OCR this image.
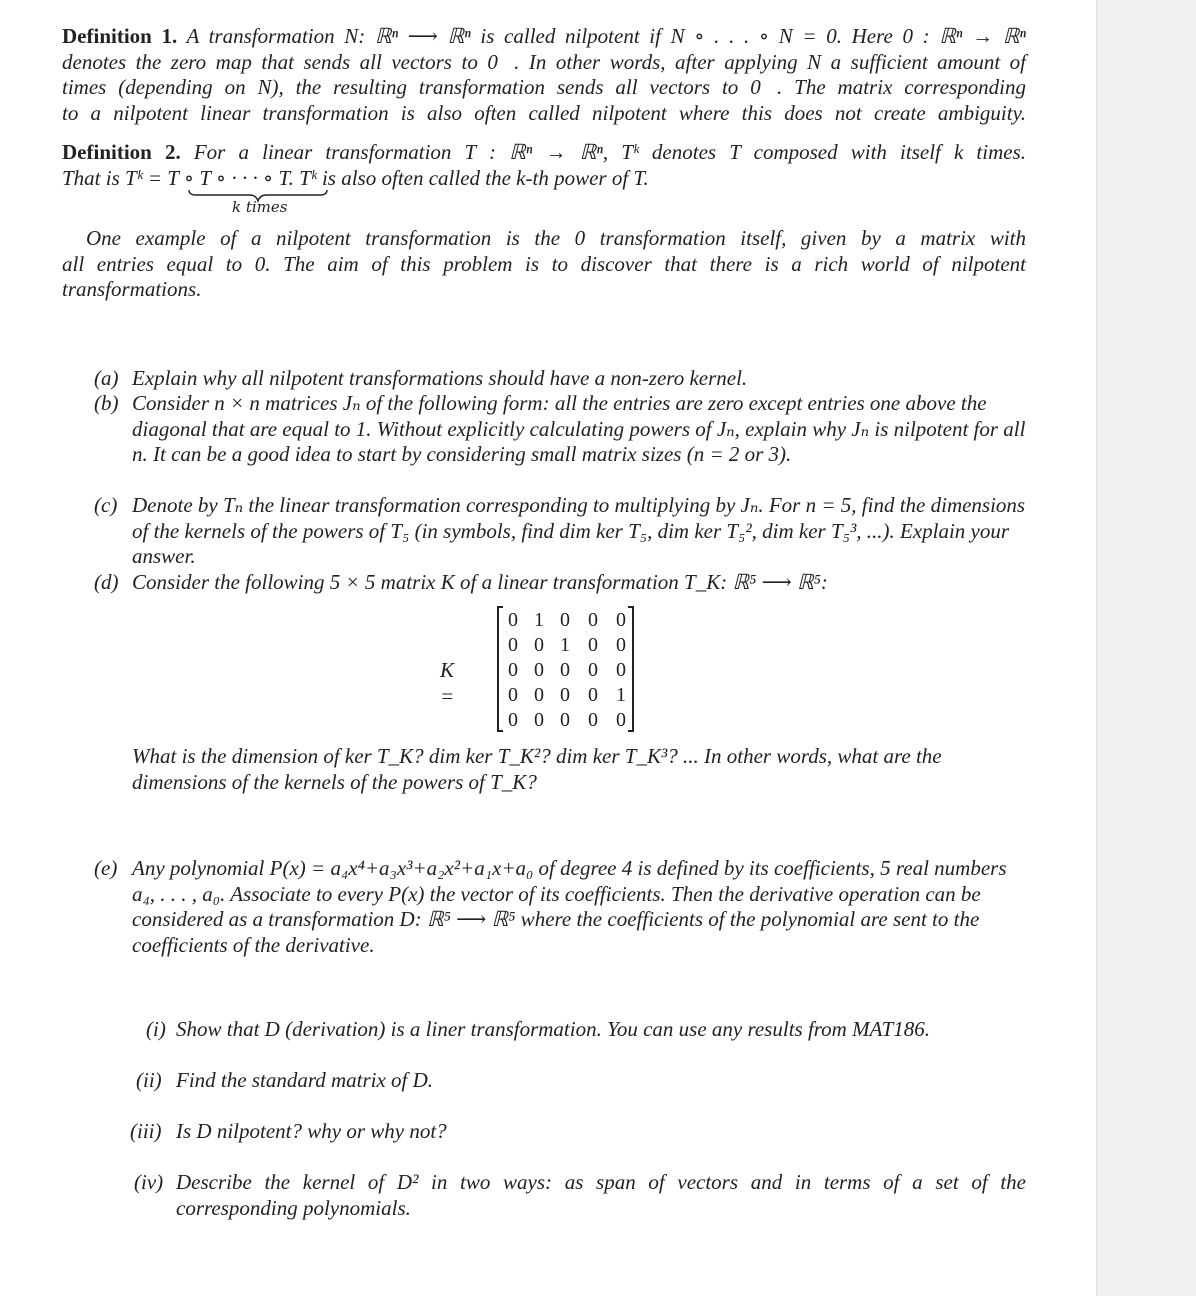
Definition 1. A transformation N: ℝⁿ ⟶ ℝⁿ is called nilpotent if N ∘ . . . ∘ N = 0. Here 0 : ℝⁿ → ℝⁿ
denotes the zero map that sends all vectors to 0⃗. In other words, after applying N a sufficient amount of
times (depending on N), the resulting transformation sends all vectors to 0⃗. The matrix corresponding
to a nilpotent linear transformation is also often called nilpotent where this does not create ambiguity.
Definition 2. For a linear transformation T : ℝⁿ → ℝⁿ, Tᵏ denotes T composed with itself k times.
That is Tᵏ = T ∘ T ∘ · · · ∘ T. Tᵏ is also often called the k-th power of T.
k times
One example of a nilpotent transformation is the 0 transformation itself, given by a matrix with
all entries equal to 0. The aim of this problem is to discover that there is a rich world of nilpotent
transformations.
(a) Explain why all nilpotent transformations should have a non-zero kernel.
(b) Consider n × n matrices Jₙ of the following form: all the entries are zero except entries one above the diagonal that are equal to 1. Without explicitly calculating powers of Jₙ, explain why Jₙ is nilpotent for all n. It can be a good idea to start by considering small matrix sizes (n = 2 or 3).
(c) Denote by Tₙ the linear transformation corresponding to multiplying by Jₙ. For n = 5, find the dimensions of the kernels of the powers of T₅ (in symbols, find dim ker T₅, dim ker T₅², dim ker T₅³, ...). Explain your answer.
(d) Consider the following 5 × 5 matrix K of a linear transformation T_K: ℝ⁵ ⟶ ℝ⁵:
K =
0 1 0 0 0
0 0 1 0 0
0 0 0 0 0
0 0 0 0 1
0 0 0 0 0
What is the dimension of ker T_K? dim ker T_K²? dim ker T_K³? ... In other words, what are the dimensions of the kernels of the powers of T_K?
(e) Any polynomial P(x) = a₄x⁴+a₃x³+a₂x²+a₁x+a₀ of degree 4 is defined by its coefficients, 5 real numbers a₄, . . . , a₀. Associate to every P(x) the vector of its coefficients. Then the derivative operation can be considered as a transformation D: ℝ⁵ ⟶ ℝ⁵ where the coefficients of the polynomial are sent to the coefficients of the derivative.
(i) Show that D (derivation) is a liner transformation. You can use any results from MAT186.
(ii) Find the standard matrix of D.
(iii) Is D nilpotent? why or why not?
(iv) Describe the kernel of D² in two ways: as span of vectors and in terms of a set of the
corresponding polynomials.
